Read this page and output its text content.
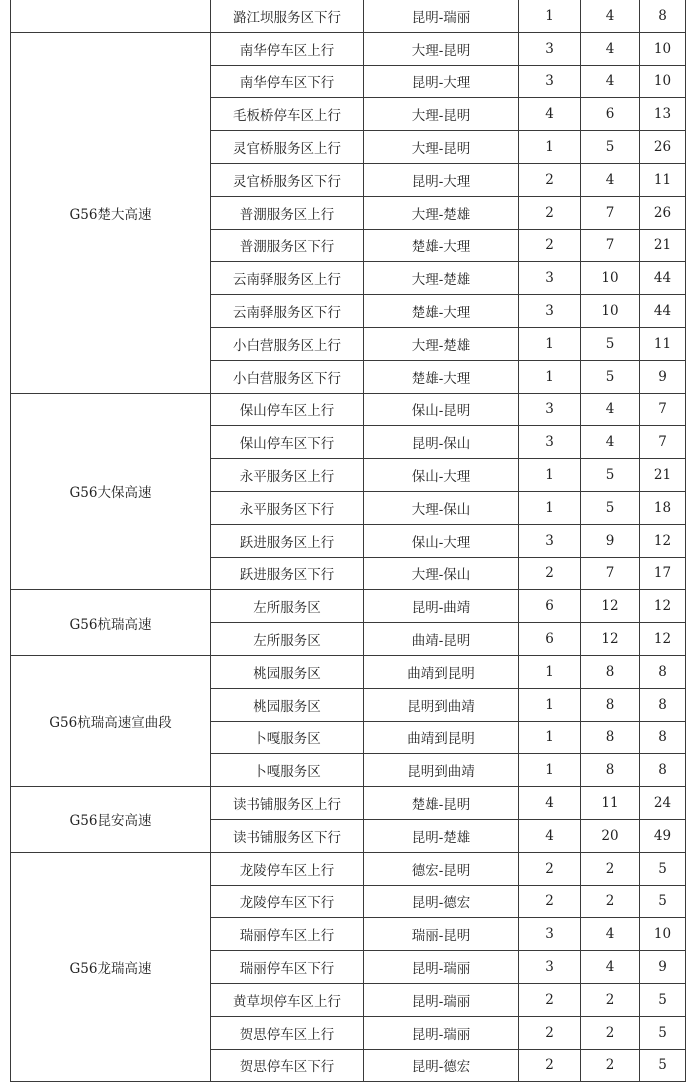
	潞江坝服务区下行	昆明-瑞丽	1	4	8
G56楚大高速	南华停车区上行	大理-昆明	3	4	10
	南华停车区下行	昆明-大理	3	4	10
	毛板桥停车区上行	大理-昆明	4	6	13
	灵官桥服务区上行	大理-昆明	1	5	26
	灵官桥服务区下行	昆明-大理	2	4	11
	普淜服务区上行	大理-楚雄	2	7	26
	普淜服务区下行	楚雄-大理	2	7	21
	云南驿服务区上行	大理-楚雄	3	10	44
	云南驿服务区下行	楚雄-大理	3	10	44
	小白营服务区上行	大理-楚雄	1	5	11
	小白营服务区下行	楚雄-大理	1	5	9
G56大保高速	保山停车区上行	保山-昆明	3	4	7
	保山停车区下行	昆明-保山	3	4	7
	永平服务区上行	保山-大理	1	5	21
	永平服务区下行	大理-保山	1	5	18
	跃进服务区上行	保山-大理	3	9	12
	跃进服务区下行	大理-保山	2	7	17
G56杭瑞高速	左所服务区	昆明-曲靖	6	12	12
	左所服务区	曲靖-昆明	6	12	12
G56杭瑞高速宣曲段	桃园服务区	曲靖到昆明	1	8	8
	桃园服务区	昆明到曲靖	1	8	8
	卜嘎服务区	曲靖到昆明	1	8	8
	卜嘎服务区	昆明到曲靖	1	8	8
G56昆安高速	读书铺服务区上行	楚雄-昆明	4	11	24
	读书铺服务区下行	昆明-楚雄	4	20	49
G56龙瑞高速	龙陵停车区上行	德宏-昆明	2	2	5
	龙陵停车区下行	昆明-德宏	2	2	5
	瑞丽停车区上行	瑞丽-昆明	3	4	10
	瑞丽停车区下行	昆明-瑞丽	3	4	9
	黄草坝停车区上行	昆明-瑞丽	2	2	5
	贺思停车区上行	昆明-瑞丽	2	2	5
	贺思停车区下行	昆明-德宏	2	2	5
